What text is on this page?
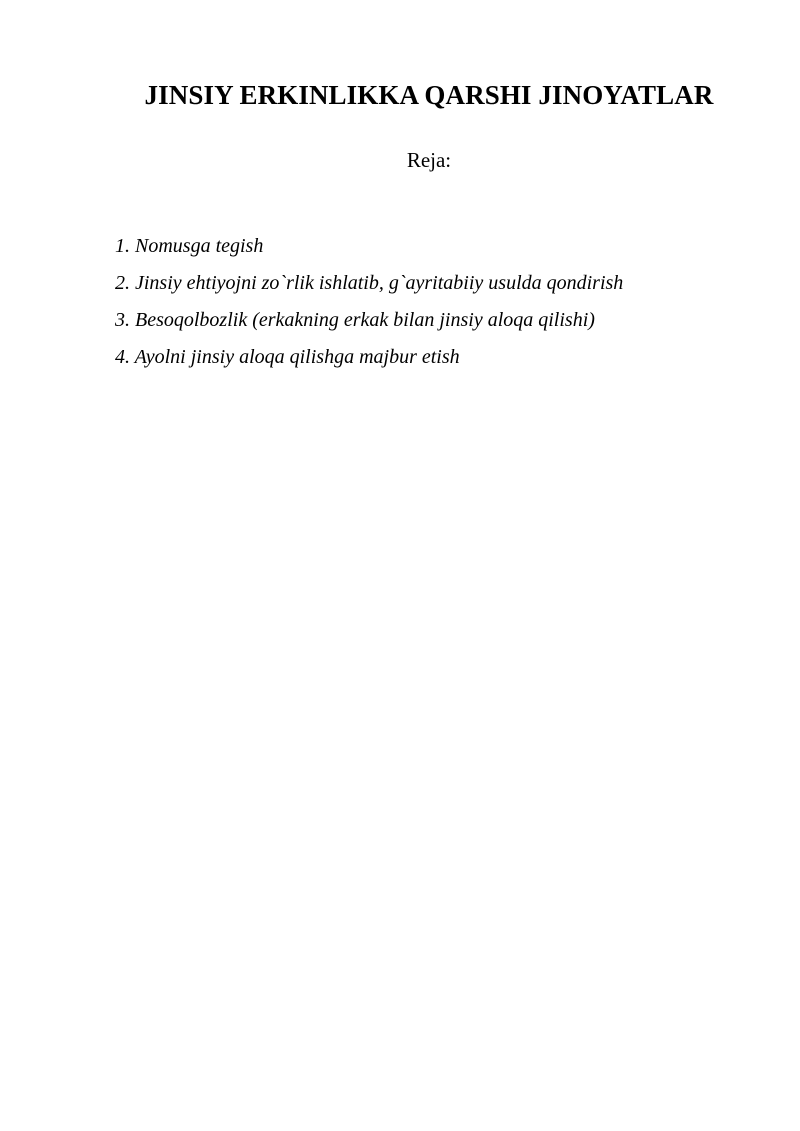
JINSIY ERKINLIKKA QARSHI JINOYATLAR
Reja:
1. Nomusga tegish
2. Jinsiy ehtiyojni zo`rlik ishlatib, g`ayritabiiy usulda qondirish
3. Besoqolbozlik (erkakning erkak bilan jinsiy aloqa qilishi)
4. Ayolni jinsiy aloqa qilishga majbur etish
